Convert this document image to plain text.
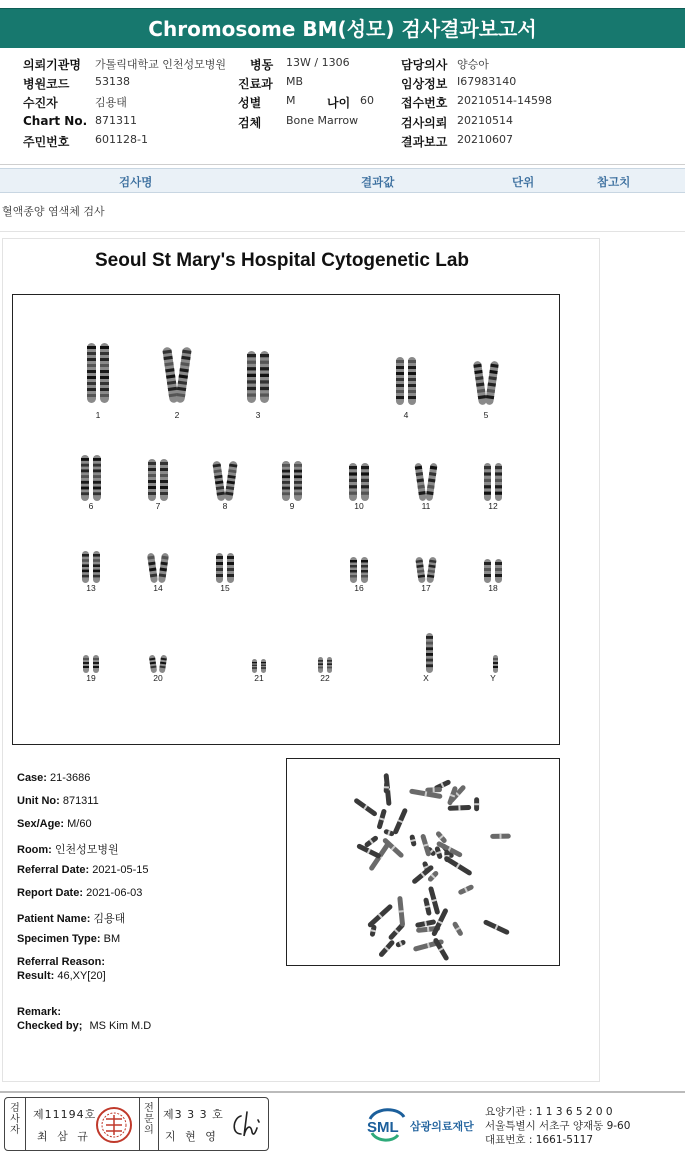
Chromosome BM(성모) 검사결과보고서
의뢰기관명 가톨릭대학교 인천성모병원 병동 13W / 1306	담당의사 양승아
병원코드 53138	진료과 MB	임상정보 I67983140
수진자	김용태	성별 M	나이 60 접수번호 20210514-14598
Chart No. 871311	검체 Bone Marrow	검사의뢰 20210514
주민번호 601128-1	결과보고 20210607
검사명	결과값	단위	참고치
혈액종양 염색체 검사
Seoul St Mary's Hospital Cytogenetic Lab
1	2	3	4	5
6	7	8	9	10	11	12
13	14	15	16	17	18
19	20	21	22	X	Y
Case: 21-3686
Unit No: 871311
Sex/Age: M/60
Room: 인천성모병원
Referral Date: 2021-05-15
Report Date: 2021-06-03
Patient Name: 김용태
Specimen Type: BM
Referral Reason:
Result: 46,XY[20]
Remark:
Checked by; MS Kim M.D
검
사
자
제11194호
최 삼 규
전
문
의
제3 3 3 호
지 현 영
SML 삼광의료재단
요양기관 : 1 1 3 6 5 2 0 0
서울특별시 서초구 양재동 9-60
대표번호 : 1661-5117
